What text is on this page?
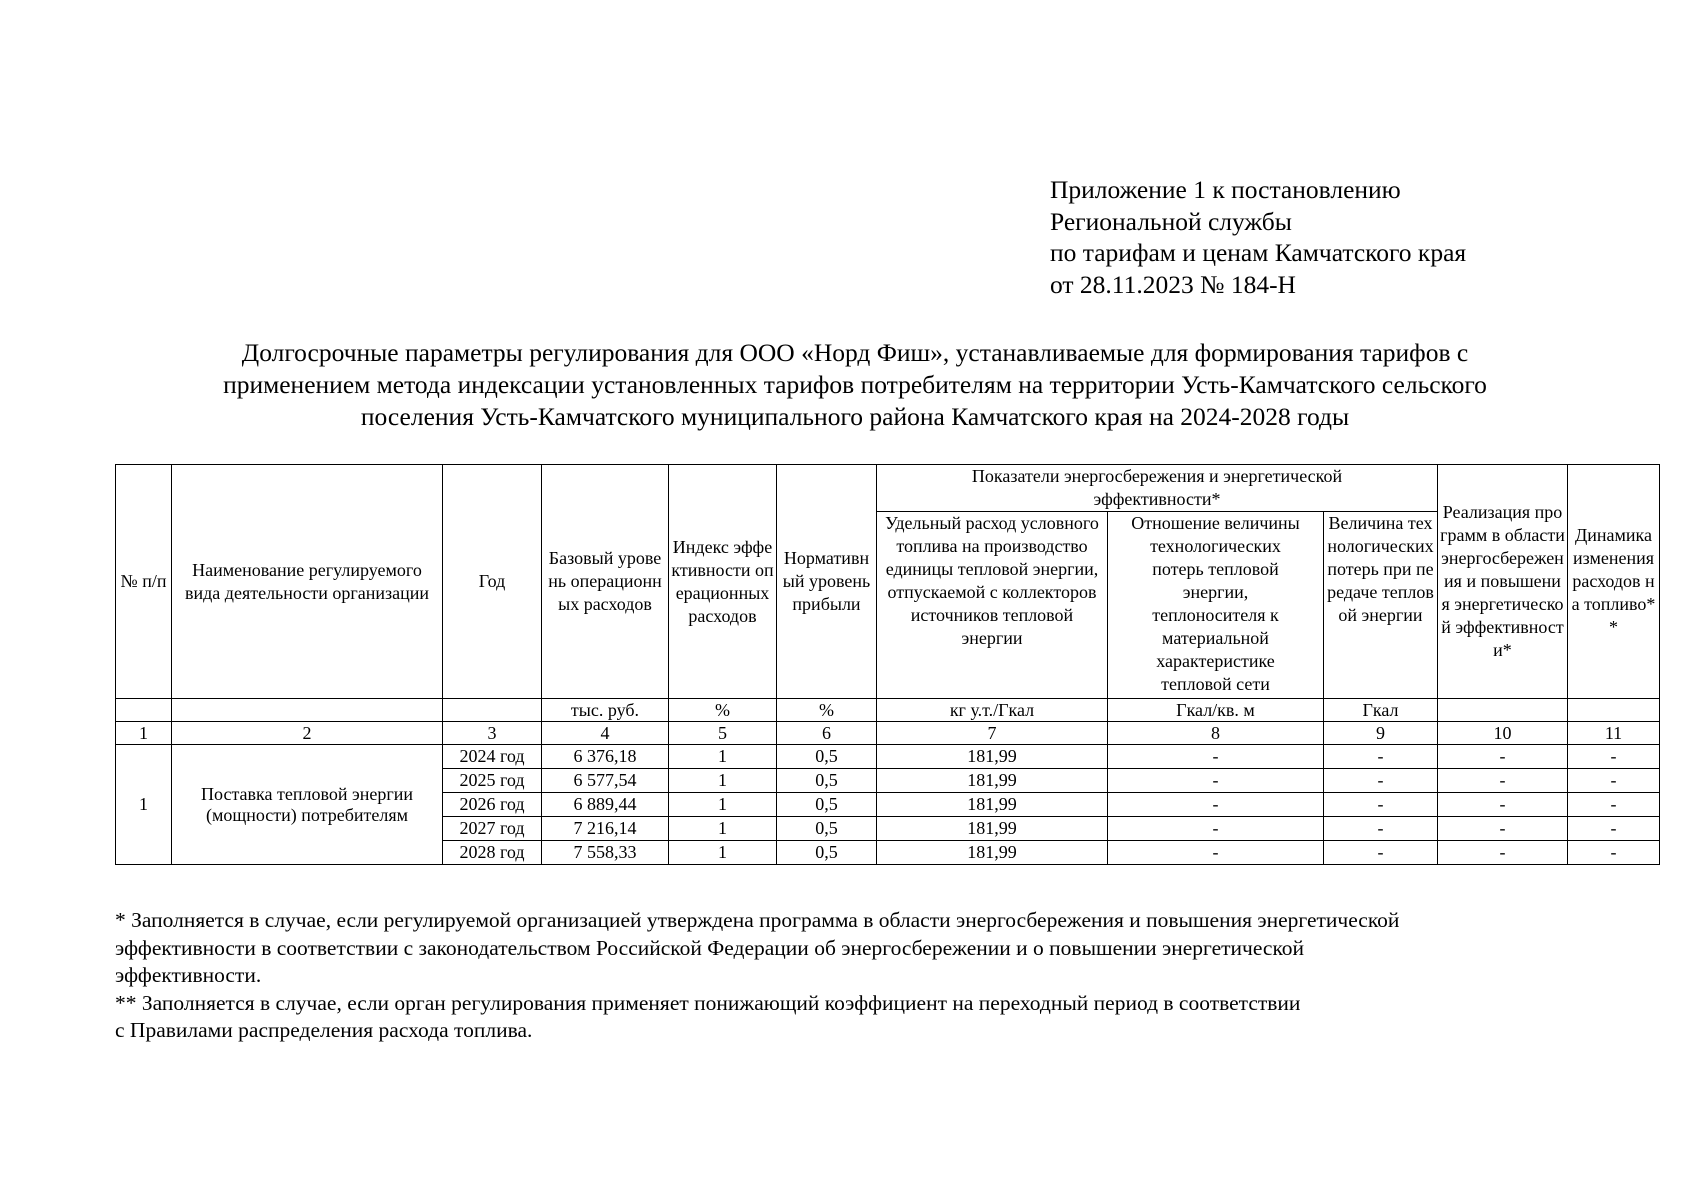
Приложение 1 к постановлению
Региональной службы
по тарифам и ценам Камчатского края
от 28.11.2023 № 184-Н
Долгосрочные параметры регулирования для ООО «Норд Фиш», устанавливаемые для формирования тарифов с
применением метода индексации установленных тарифов потребителям на территории Усть-Камчатского сельского
поселения Усть-Камчатского муниципального района Камчатского края на 2024-2028 годы
№ п/п	Наименование регулируемого вида деятельности организации	Год	Базовый уровень операционных расходов	Индекс эффективности операционных расходов	Нормативный уровень прибыли	Показатели энергосбережения и энергетической эффективности*			Реализация программ в области энергосбережения и повышения энергетической эффективности*	Динамика изменения расходов на топливо**
						Удельный расход условного топлива на производство единицы тепловой энергии, отпускаемой с коллекторов источников тепловой энергии	Отношение величины технологических потерь тепловой энергии, теплоносителя к материальной характеристике тепловой сети	Величина технологических потерь при передаче тепловой энергии		
			тыс. руб.	%	%	кг у.т./Гкал	Гкал/кв. м	Гкал		
1	2	3	4	5	6	7	8	9	10	11
1	Поставка тепловой энергии (мощности) потребителям	2024 год	6 376,18	1	0,5	181,99	-	-	-	-
		2025 год	6 577,54	1	0,5	181,99	-	-	-	-
		2026 год	6 889,44	1	0,5	181,99	-	-	-	-
		2027 год	7 216,14	1	0,5	181,99	-	-	-	-
		2028 год	7 558,33	1	0,5	181,99	-	-	-	-
* Заполняется в случае, если регулируемой организацией утверждена программа в области энергосбережения и повышения энергетической
эффективности в соответствии с законодательством Российской Федерации об энергосбережении и о повышении энергетической
эффективности.
** Заполняется в случае, если орган регулирования применяет понижающий коэффициент на переходный период в соответствии
с Правилами распределения расхода топлива.
